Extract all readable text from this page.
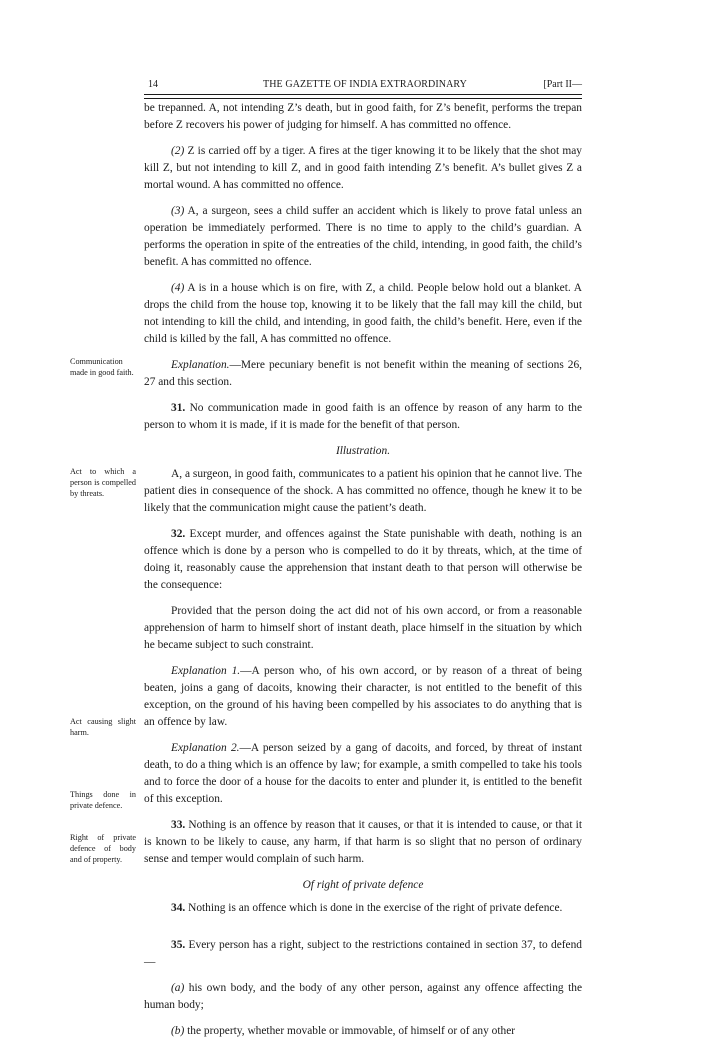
14	THE GAZETTE OF INDIA EXTRAORDINARY	[Part II—
Communication made in good faith.
Act to which a person is compelled by threats.
Act causing slight harm.
Things done in private defence.
Right of private defence of body and of property.

be trepanned. A, not intending Z’s death, but in good faith, for Z’s benefit, performs the trepan before Z recovers his power of judging for himself. A has committed no offence.

(2) Z is carried off by a tiger. A fires at the tiger knowing it to be likely that the shot may kill Z, but not intending to kill Z, and in good faith intending Z’s benefit. A’s bullet gives Z a mortal wound. A has committed no offence.

(3) A, a surgeon, sees a child suffer an accident which is likely to prove fatal unless an operation be immediately performed. There is no time to apply to the child’s guardian. A performs the operation in spite of the entreaties of the child, intending, in good faith, the child’s benefit. A has committed no offence.

(4) A is in a house which is on fire, with Z, a child. People below hold out a blanket. A drops the child from the house top, knowing it to be likely that the fall may kill the child, but not intending to kill the child, and intending, in good faith, the child’s benefit. Here, even if the child is killed by the fall, A has committed no offence.

Explanation.—Mere pecuniary benefit is not benefit within the meaning of sections 26, 27 and this section.

31. No communication made in good faith is an offence by reason of any harm to the person to whom it is made, if it is made for the benefit of that person.

Illustration.

A, a surgeon, in good faith, communicates to a patient his opinion that he cannot live. The patient dies in consequence of the shock. A has committed no offence, though he knew it to be likely that the communication might cause the patient’s death.

32. Except murder, and offences against the State punishable with death, nothing is an offence which is done by a person who is compelled to do it by threats, which, at the time of doing it, reasonably cause the apprehension that instant death to that person will otherwise be the consequence:

Provided that the person doing the act did not of his own accord, or from a reasonable apprehension of harm to himself short of instant death, place himself in the situation by which he became subject to such constraint.

Explanation 1.—A person who, of his own accord, or by reason of a threat of being beaten, joins a gang of dacoits, knowing their character, is not entitled to the benefit of this exception, on the ground of his having been compelled by his associates to do anything that is an offence by law.

Explanation 2.—A person seized by a gang of dacoits, and forced, by threat of instant death, to do a thing which is an offence by law; for example, a smith compelled to take his tools and to force the door of a house for the dacoits to enter and plunder it, is entitled to the benefit of this exception.

33. Nothing is an offence by reason that it causes, or that it is intended to cause, or that it is known to be likely to cause, any harm, if that harm is so slight that no person of ordinary sense and temper would complain of such harm.

Of right of private defence

34. Nothing is an offence which is done in the exercise of the right of private defence.

35. Every person has a right, subject to the restrictions contained in section 37, to defend—

(a) his own body, and the body of any other person, against any offence affecting the human body;

(b) the property, whether movable or immovable, of himself or of any other
